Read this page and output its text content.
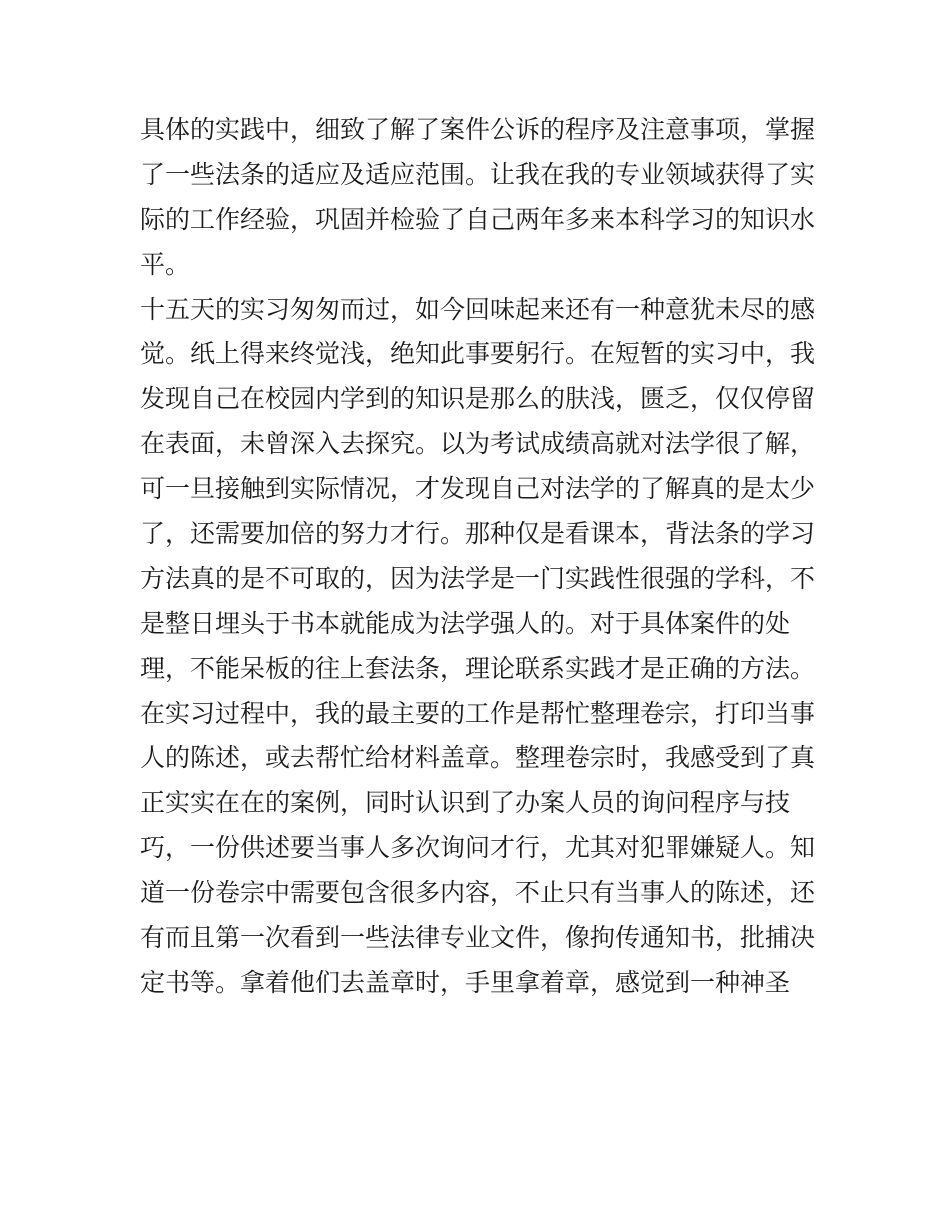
具体的实践中，细致了解了案件公诉的程序及注意事项，掌握
了一些法条的适应及适应范围。让我在我的专业领域获得了实
际的工作经验，巩固并检验了自己两年多来本科学习的知识水
平。
十五天的实习匆匆而过，如今回味起来还有一种意犹未尽的感
觉。纸上得来终觉浅，绝知此事要躬行。在短暂的实习中，我
发现自己在校园内学到的知识是那么的肤浅，匮乏，仅仅停留
在表面，未曾深入去探究。以为考试成绩高就对法学很了解，
可一旦接触到实际情况，才发现自己对法学的了解真的是太少
了，还需要加倍的努力才行。那种仅是看课本，背法条的学习
方法真的是不可取的，因为法学是一门实践性很强的学科，不
是整日埋头于书本就能成为法学强人的。对于具体案件的处
理，不能呆板的往上套法条，理论联系实践才是正确的方法。
在实习过程中，我的最主要的工作是帮忙整理卷宗，打印当事
人的陈述，或去帮忙给材料盖章。整理卷宗时，我感受到了真
正实实在在的案例，同时认识到了办案人员的询问程序与技
巧，一份供述要当事人多次询问才行，尤其对犯罪嫌疑人。知
道一份卷宗中需要包含很多内容，不止只有当事人的陈述，还
有而且第一次看到一些法律专业文件，像拘传通知书，批捕决
定书等。拿着他们去盖章时，手里拿着章，感觉到一种神圣
